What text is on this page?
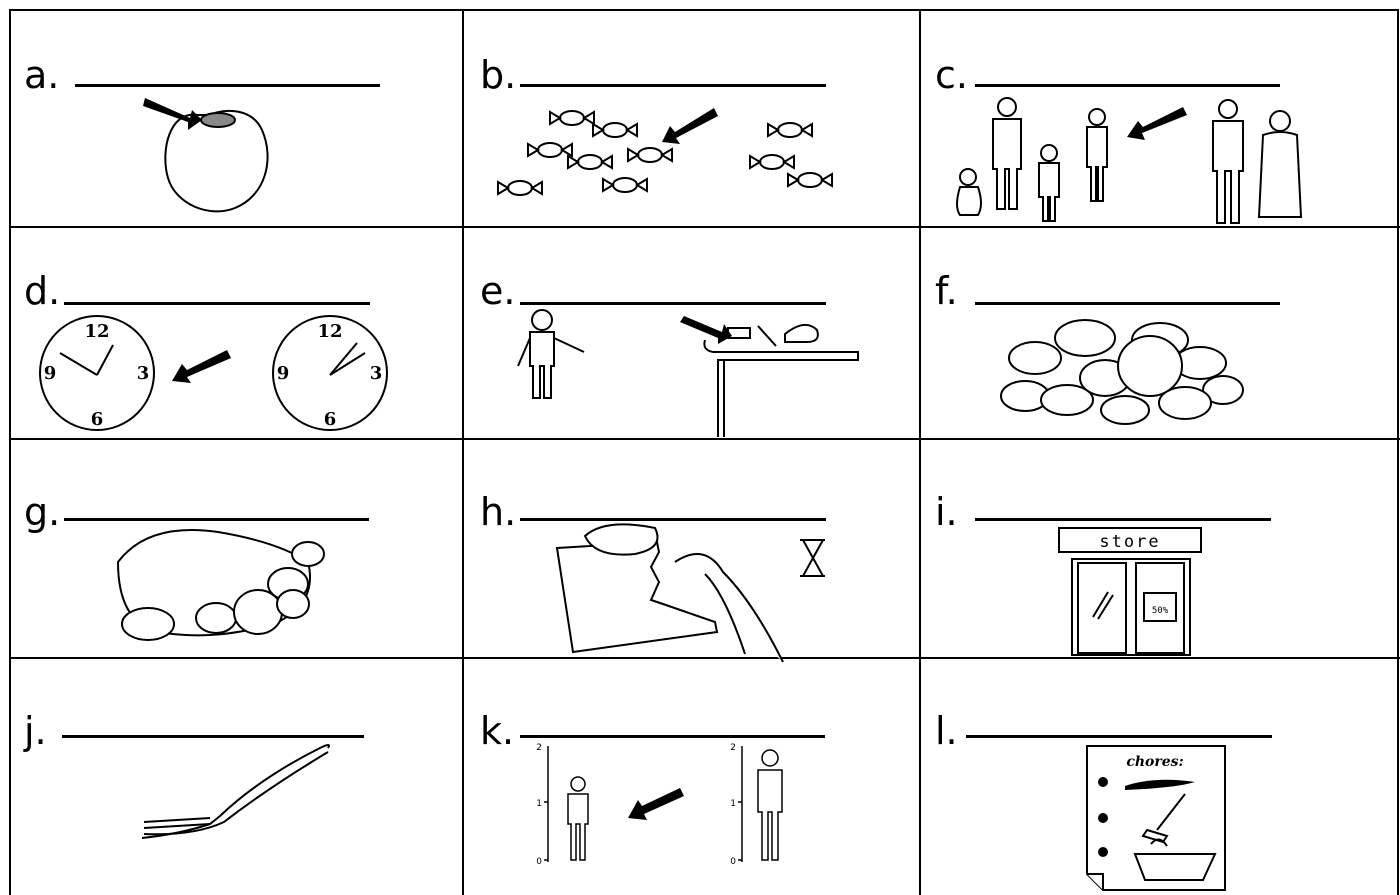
a.	b.	c.
d.
12
3
6
9
12
3
6
9
e.	f.
g.	h.	i.
store
50%
j.	k. 2
1
0
2
1
0
l.
chores:
